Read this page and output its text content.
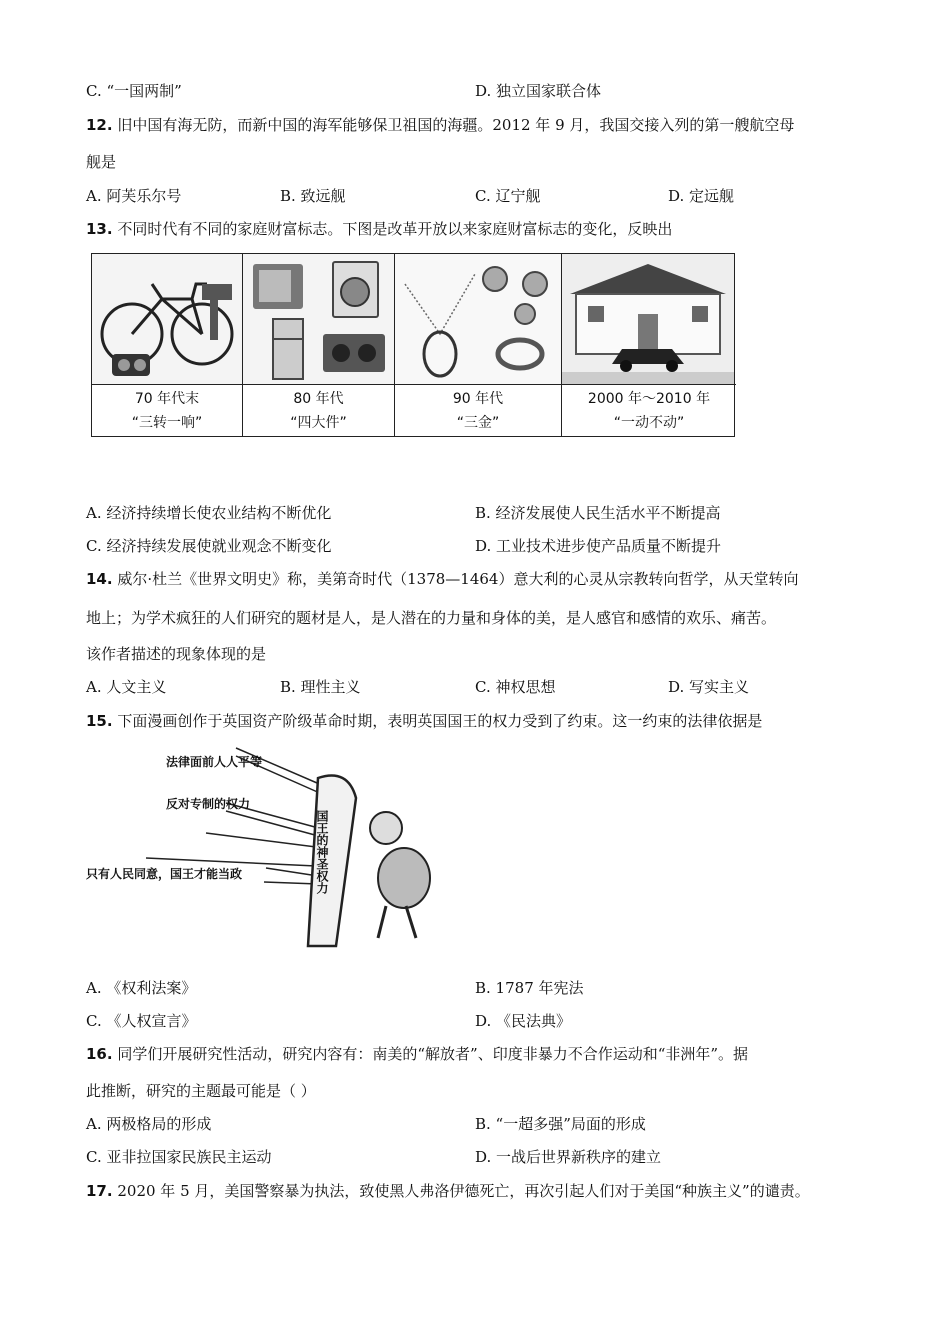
C. “一国两制”	D. 独立国家联合体
12. 旧中国有海无防，而新中国的海军能够保卫祖国的海疆。2012 年 9 月，我国交接入列的第一艘航空母
舰是
A. 阿芙乐尔号	B. 致远舰	C. 辽宁舰	D. 定远舰
13. 不同时代有不同的家庭财富标志。下图是改革开放以来家庭财富标志的变化，反映出
70 年代末
“三转一响”
80 年代
“四大件”
90 年代
“三金”
2000 年～2010 年
“一动不动”
A. 经济持续增长使农业结构不断优化	B. 经济发展使人民生活水平不断提高
C. 经济持续发展使就业观念不断变化	D. 工业技术进步使产品质量不断提升
14. 威尔·杜兰《世界文明史》称，美第奇时代（1378—1464）意大利的心灵从宗教转向哲学，从天堂转向
地上；为学术疯狂的人们研究的题材是人，是人潜在的力量和身体的美，是人感官和感情的欢乐、痛苦。
该作者描述的现象体现的是
A. 人文主义	B. 理性主义	C. 神权思想	D. 写实主义
15. 下面漫画创作于英国资产阶级革命时期，表明英国国王的权力受到了约束。这一约束的法律依据是
法律面前人人平等
反对专制的权力
只有人民同意，国王才能当政	国王的神圣权力
A. 《权利法案》	B. 1787 年宪法
C. 《人权宣言》	D. 《民法典》
16. 同学们开展研究性活动，研究内容有：南美的“解放者”、印度非暴力不合作运动和“非洲年”。据
此推断，研究的主题最可能是（ ）
A. 两极格局的形成	B. “一超多强”局面的形成
C. 亚非拉国家民族民主运动	D. 一战后世界新秩序的建立
17. 2020 年 5 月，美国警察暴为执法，致使黑人弗洛伊德死亡，再次引起人们对于美国“种族主义”的谴责。
